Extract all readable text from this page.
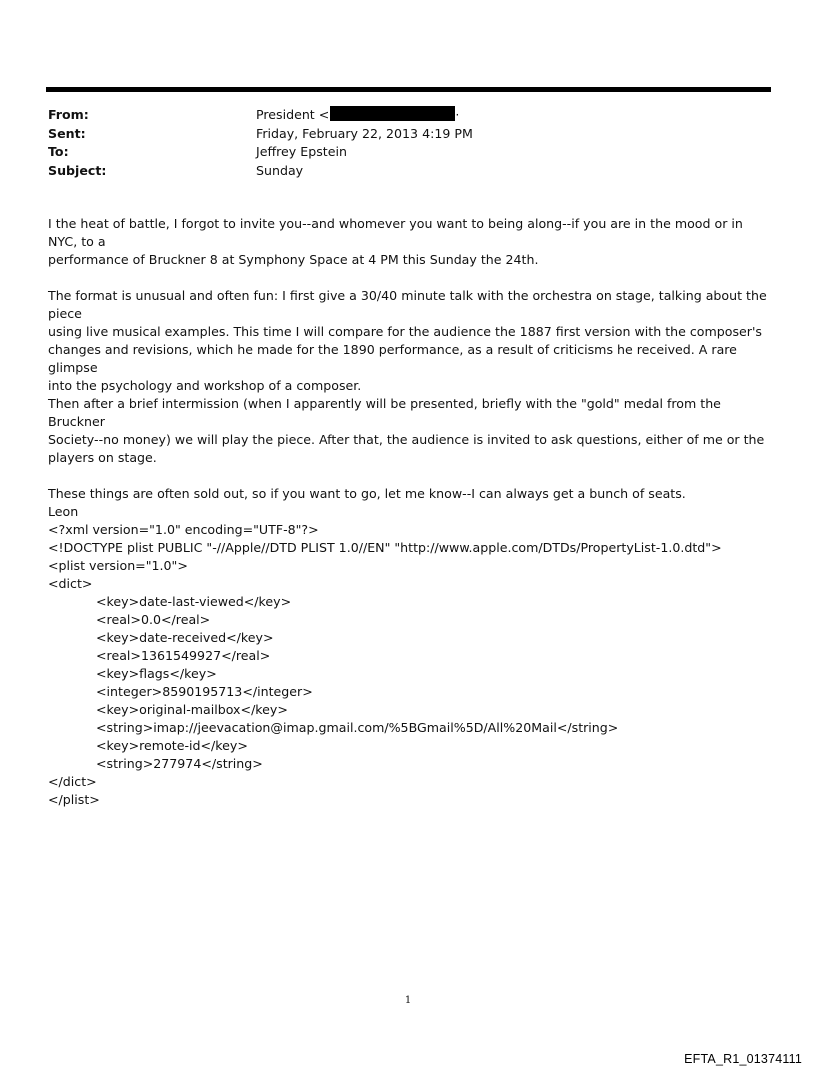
From:	President <	·
Sent:	Friday, February 22, 2013 4:19 PM
To:	Jeffrey Epstein
Subject:	Sunday

I the heat of battle, I forgot to invite you--and whomever you want to being along--if you are in the mood or in NYC, to a

performance of Bruckner 8 at Symphony Space at 4 PM this Sunday the 24th.

The format is unusual and often fun: I first give a 30/40 minute talk with the orchestra on stage, talking about the piece

using live musical examples. This time I will compare for the audience the 1887 first version with the composer's

changes and revisions, which he made for the 1890 performance, as a result of criticisms he received. A rare glimpse

into the psychology and workshop of a composer.

Then after a brief intermission (when I apparently will be presented, briefly with the "gold" medal from the Bruckner

Society--no money) we will play the piece. After that, the audience is invited to ask questions, either of me or the

players on stage.

These things are often sold out, so if you want to go, let me know--I can always get a bunch of seats.

Leon

<?xml version="1.0" encoding="UTF-8"?>

<!DOCTYPE plist PUBLIC "-//Apple//DTD PLIST 1.0//EN" "http://www.apple.com/DTDs/PropertyList-1.0.dtd">

<plist version="1.0">

<dict>

<key>date-last-viewed</key>

<real>0.0</real>

<key>date-received</key>

<real>1361549927</real>

<key>flags</key>

<integer>8590195713</integer>

<key>original-mailbox</key>

<string>imap://jeevacation@imap.gmail.com/%5BGmail%5D/All%20Mail</string>

<key>remote-id</key>

<string>277974</string>

</dict>

</plist>

1
EFTA_R1_01374111
